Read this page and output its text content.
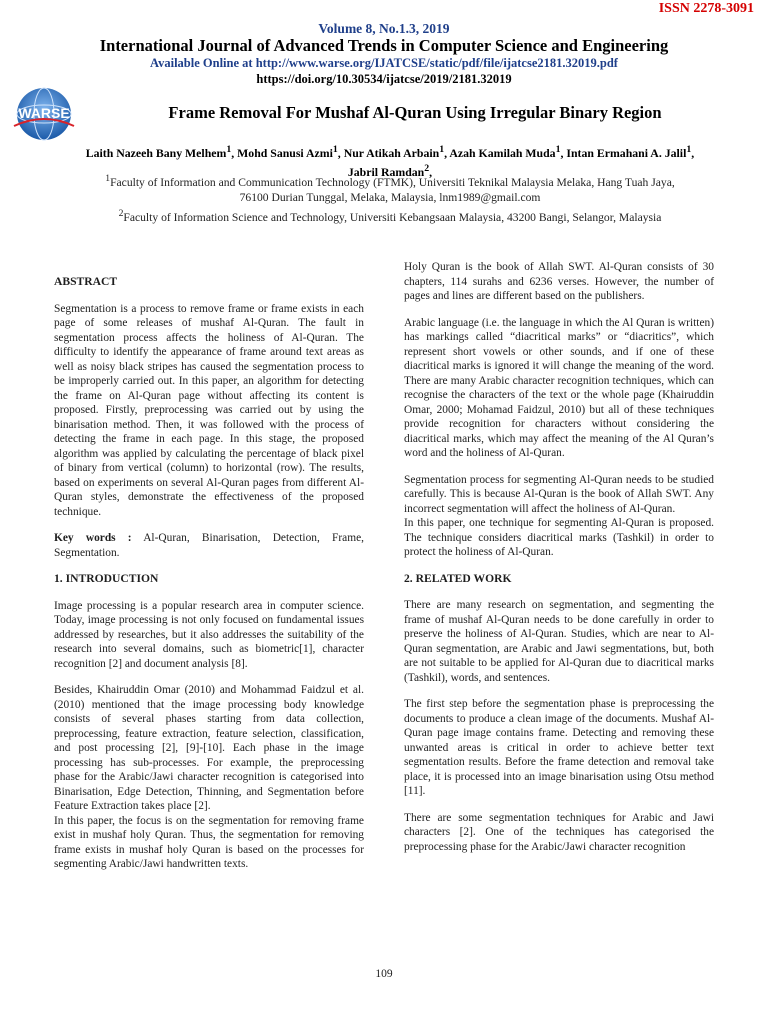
ISSN 2278-3091
Volume 8, No.1.3, 2019
International Journal of Advanced Trends in Computer Science and Engineering
Available Online at http://www.warse.org/IJATCSE/static/pdf/file/ijatcse2181.32019.pdf
https://doi.org/10.30534/ijatcse/2019/2181.32019
WARSE	Frame Removal For Mushaf Al-Quran Using Irregular Binary Region
Laith Nazeeh Bany Melhem$^1$, Mohd Sanusi Azmi$^1$, Nur Atikah Arbain$^1$, Azah Kamilah Muda$^1$, Intan Ermahani A. Jalil$^1$, Jabril Ramdan$^2$,
$^1$Faculty of Information and Communication Technology (FTMK), Universiti Teknikal Malaysia Melaka, Hang Tuah Jaya, 76100 Durian Tunggal, Melaka, Malaysia, lnm1989@gmail.com
$^2$Faculty of Information Science and Technology, Universiti Kebangsaan Malaysia, 43200 Bangi, Selangor, Malaysia

ABSTRACT

Segmentation is a process to remove frame or frame exists in each page of some releases of mushaf Al-Quran. The fault in segmentation process affects the holiness of Al-Quran. The difficulty to identify the appearance of frame around text areas as well as noisy black stripes has caused the segmentation process to be improperly carried out. In this paper, an algorithm for detecting the frame on Al-Quran page without affecting its content is proposed. Firstly, preprocessing was carried out by using the binarisation method. Then, it was followed with the process of detecting the frame in each page. In this stage, the proposed algorithm was applied by calculating the percentage of black pixel of binary from vertical (column) to horizontal (row). The results, based on experiments on several Al-Quran pages from different Al-Quran styles, demonstrate the effectiveness of the proposed technique.

Key words : Al-Quran, Binarisation, Detection, Frame, Segmentation.

1. INTRODUCTION

Image processing is a popular research area in computer science. Today, image processing is not only focused on fundamental issues addressed by researches, but it also addresses the suitability of the research into several domains, such as biometric[1], character recognition [2] and document analysis [8].

Besides, Khairuddin Omar (2010) and Mohammad Faidzul et al. (2010) mentioned that the image processing body knowledge consists of several phases starting from data collection, preprocessing, feature extraction, feature selection, classification, and post processing [2], [9]-[10]. Each phase in the image processing has sub-processes. For example, the preprocessing phase for the Arabic/Jawi character recognition is categorised into Binarisation, Edge Detection, Thinning, and Segmentation before Feature Extraction takes place [2].

In this paper, the focus is on the segmentation for removing frame exist in mushaf holy Quran. Thus, the segmentation for removing frame exists in mushaf holy Quran is based on the processes for segmenting Arabic/Jawi handwritten texts.

Holy Quran is the book of Allah SWT. Al-Quran consists of 30 chapters, 114 surahs and 6236 verses. However, the number of pages and lines are different based on the publishers.

Arabic language (i.e. the language in which the Al Quran is written) has markings called “diacritical marks” or “diacritics”, which represent short vowels or other sounds, and if one of these diacritical marks is ignored it will change the meaning of the word. There are many Arabic character recognition techniques, which can recognise the characters of the text or the whole page (Khairuddin Omar, 2000; Mohamad Faidzul, 2010) but all of these techniques provide recognition for characters without considering the diacritical marks, which may affect the meaning of the Al Quran’s word and the holiness of Al-Quran.

Segmentation process for segmenting Al-Quran needs to be studied carefully. This is because Al-Quran is the book of Allah SWT. Any incorrect segmentation will affect the holiness of Al-Quran.

In this paper, one technique for segmenting Al-Quran is proposed. The technique considers diacritical marks (Tashkil) in order to protect the holiness of Al-Quran.

2. RELATED WORK

There are many research on segmentation, and segmenting the frame of mushaf Al-Quran needs to be done carefully in order to preserve the holiness of Al-Quran. Studies, which are near to Al-Quran segmentation, are Arabic and Jawi segmentations, but, both are not suitable to be applied for Al-Quran due to diacritical marks (Tashkil), words, and sentences.

The first step before the segmentation phase is preprocessing the documents to produce a clean image of the documents. Mushaf Al-Quran page image contains frame. Detecting and removing these unwanted areas is critical in order to achieve better text segmentation results. Before the frame detection and removal take place, it is processed into an image binarisation using Otsu method [11].

There are some segmentation techniques for Arabic and Jawi characters [2]. One of the techniques has categorised the preprocessing phase for the Arabic/Jawi character recognition

109
